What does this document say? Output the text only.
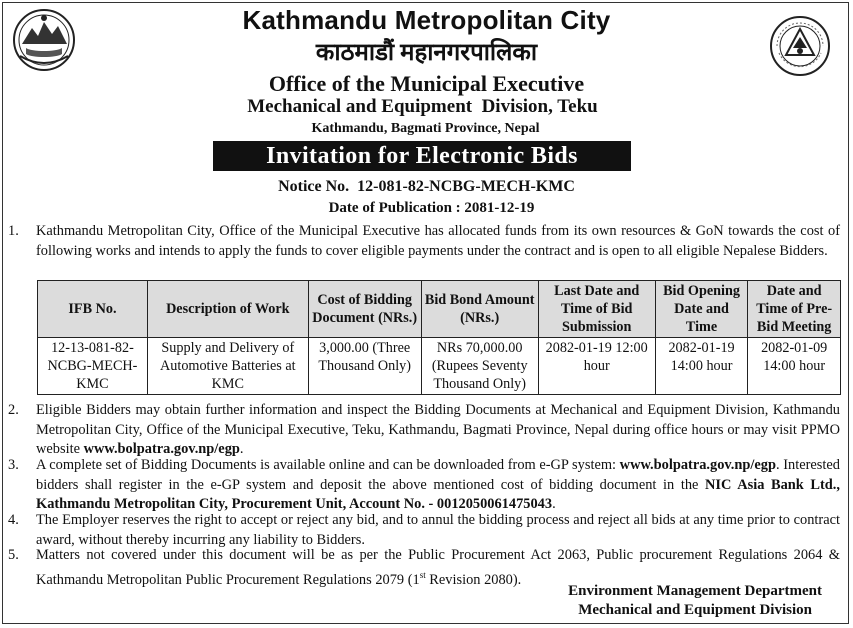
Kathmandu Metropolitan City
काठमाडौं महानगरपालिका
Office of the Municipal Executive
Mechanical and Equipment  Division, Teku
Kathmandu, Bagmati Province, Nepal
Invitation for Electronic Bids
Notice No.  12-081-82-NCBG-MECH-KMC
Date of Publication : 2081-12-19
1. Kathmandu Metropolitan City, Office of the Municipal Executive has allocated funds from its own resources & GoN towards the cost of following works and intends to apply the funds to cover eligible payments under the contract and is open to all eligible Nepalese Bidders.
IFB No.	Description of Work	Cost of Bidding Document (NRs.)	Bid Bond Amount (NRs.)	Last Date and Time of Bid Submission	Bid Opening Date and Time	Date and Time of Pre-Bid Meeting
12-13-081-82-NCBG-MECH-KMC	Supply and Delivery of Automotive Batteries at KMC	3,000.00 (Three Thousand Only)	NRs 70,000.00 (Rupees Seventy Thousand Only)	2082-01-19 12:00 hour	2082-01-19 14:00 hour	2082-01-09 14:00 hour
2. Eligible Bidders may obtain further information and inspect the Bidding Documents at Mechanical and Equipment Division, Kathmandu Metropolitan City, Office of the Municipal Executive, Teku, Kathmandu, Bagmati Province, Nepal during office hours or may visit PPMO website www.bolpatra.gov.np/egp.
3. A complete set of Bidding Documents is available online and can be downloaded from e-GP system: www.bolpatra.gov.np/egp. Interested bidders shall register in the e-GP system and deposit the above mentioned cost of bidding document in the NIC Asia Bank Ltd., Kathmandu Metropolitan City, Procurement Unit, Account No. - 0012050061475043.
4. The Employer reserves the right to accept or reject any bid, and to annul the bidding process and reject all bids at any time prior to contract award, without thereby incurring any liability to Bidders.
5. Matters not covered under this document will be as per the Public Procurement Act 2063, Public procurement Regulations 2064 & Kathmandu Metropolitan Public Procurement Regulations 2079 (1st Revision 2080).
Environment Management Department
Mechanical and Equipment Division
